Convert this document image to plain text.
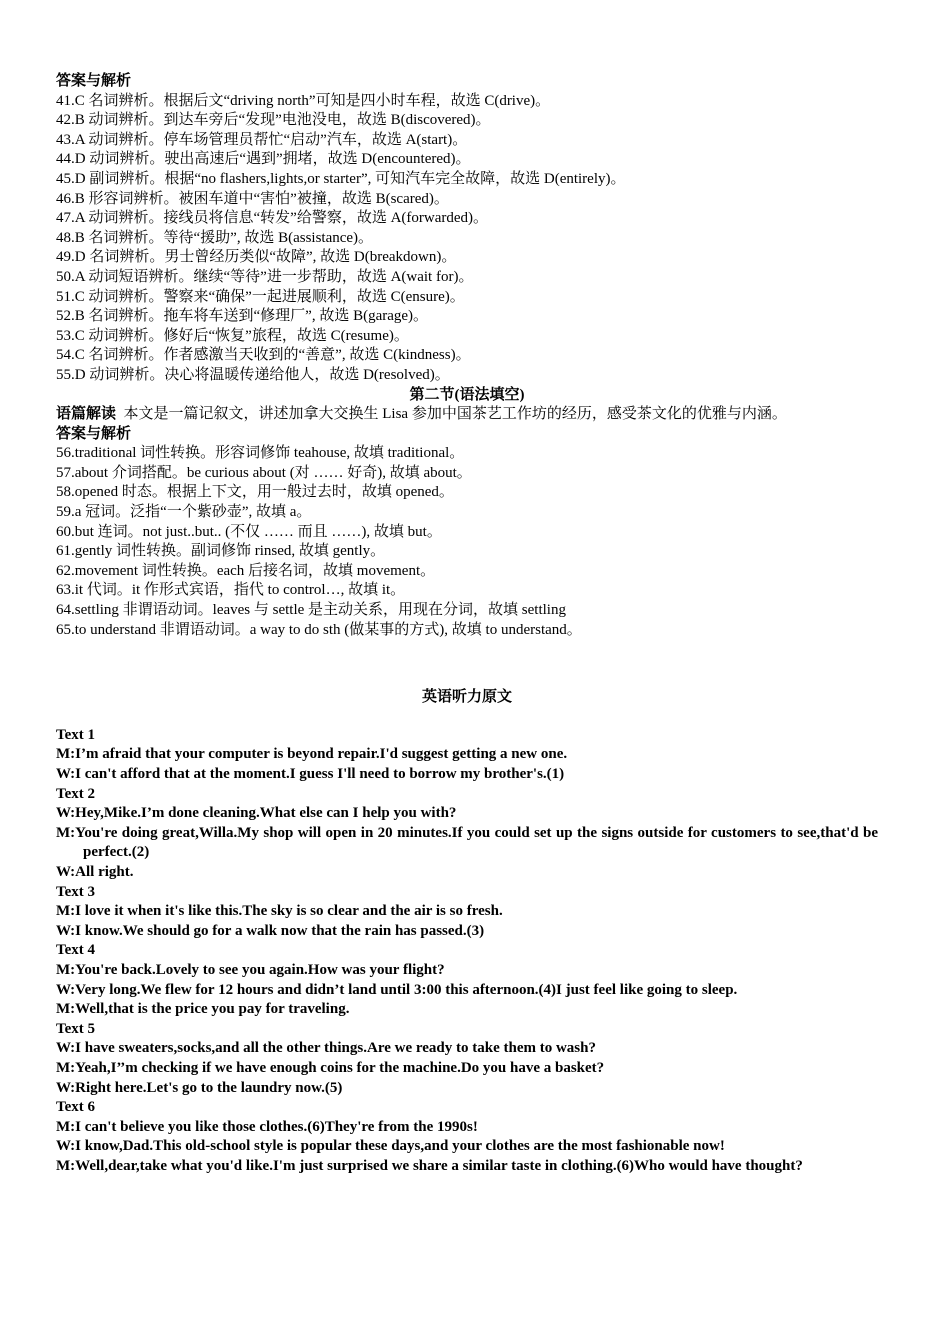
答案与解析
41.C 名词辨析。根据后文“driving north”可知是四小时车程，故选 C(drive)。
42.B 动词辨析。到达车旁后“发现”电池没电，故选 B(discovered)。
43.A 动词辨析。停车场管理员帮忙“启动”汽车，故选 A(start)。
44.D 动词辨析。驶出高速后“遇到”拥堵，故选 D(encountered)。
45.D 副词辨析。根据“no flashers,lights,or starter”, 可知汽车完全故障，故选 D(entirely)。
46.B 形容词辨析。被困车道中“害怕”被撞，故选 B(scared)。
47.A 动词辨析。接线员将信息“转发”给警察，故选 A(forwarded)。
48.B 名词辨析。等待“援助”, 故选 B(assistance)。
49.D 名词辨析。男士曾经历类似“故障”, 故选 D(breakdown)。
50.A 动词短语辨析。继续“等待”进一步帮助，故选 A(wait for)。
51.C 动词辨析。警察来“确保”一起进展顺利，故选 C(ensure)。
52.B 名词辨析。拖车将车送到“修理厂”, 故选 B(garage)。
53.C 动词辨析。修好后“恢复”旅程，故选 C(resume)。
54.C 名词辨析。作者感激当天收到的“善意”, 故选 C(kindness)。
55.D 动词辨析。决心将温暖传递给他人，故选 D(resolved)。
第二节(语法填空)
语篇解读 本文是一篇记叙文，讲述加拿大交换生 Lisa 参加中国茶艺工作坊的经历，感受茶文化的优雅与内涵。
答案与解析
56.traditional 词性转换。形容词修饰 teahouse, 故填 traditional。
57.about 介词搭配。be curious about (对 …… 好奇), 故填 about。
58.opened 时态。根据上下文，用一般过去时，故填 opened。
59.a 冠词。泛指“一个紫砂壶”, 故填 a。
60.but 连词。not just..but.. (不仅 …… 而且 ……), 故填 but。
61.gently 词性转换。副词修饰 rinsed, 故填 gently。
62.movement 词性转换。each 后接名词，故填 movement。
63.it 代词。it 作形式宾语，指代 to control…, 故填 it。
64.settling 非谓语动词。leaves 与 settle 是主动关系，用现在分词，故填 settling
65.to understand 非谓语动词。a way to do sth (做某事的方式), 故填 to understand。
英语听力原文
Text 1
M:I’m afraid that your computer is beyond repair.I'd suggest getting a new one.
W:I can't afford that at the moment.I guess I'll need to borrow my brother's.(1)
Text 2
W:Hey,Mike.I’m done cleaning.What else can I help you with?
M:You're doing great,Willa.My shop will open in 20 minutes.If you could set up the signs outside for customers to see,that'd be perfect.(2)
W:All right.
Text 3
M:I love it when it's like this.The sky is so clear and the air is so fresh.
W:I know.We should go for a walk now that the rain has passed.(3)
Text 4
M:You're back.Lovely to see you again.How was your flight?
W:Very long.We flew for 12 hours and didn’t land until 3:00 this afternoon.(4)I just feel like going to sleep.
M:Well,that is the price you pay for traveling.
Text 5
W:I have sweaters,socks,and all the other things.Are we ready to take them to wash?
M:Yeah,I’’m checking if we have enough coins for the machine.Do you have a basket?
W:Right here.Let's go to the laundry now.(5)
Text 6
M:I can't believe you like those clothes.(6)They're from the 1990s!
W:I know,Dad.This old-school style is popular these days,and your clothes are the most fashionable now!
M:Well,dear,take what you'd like.I'm just surprised we share a similar taste in clothing.(6)Who would have thought?
